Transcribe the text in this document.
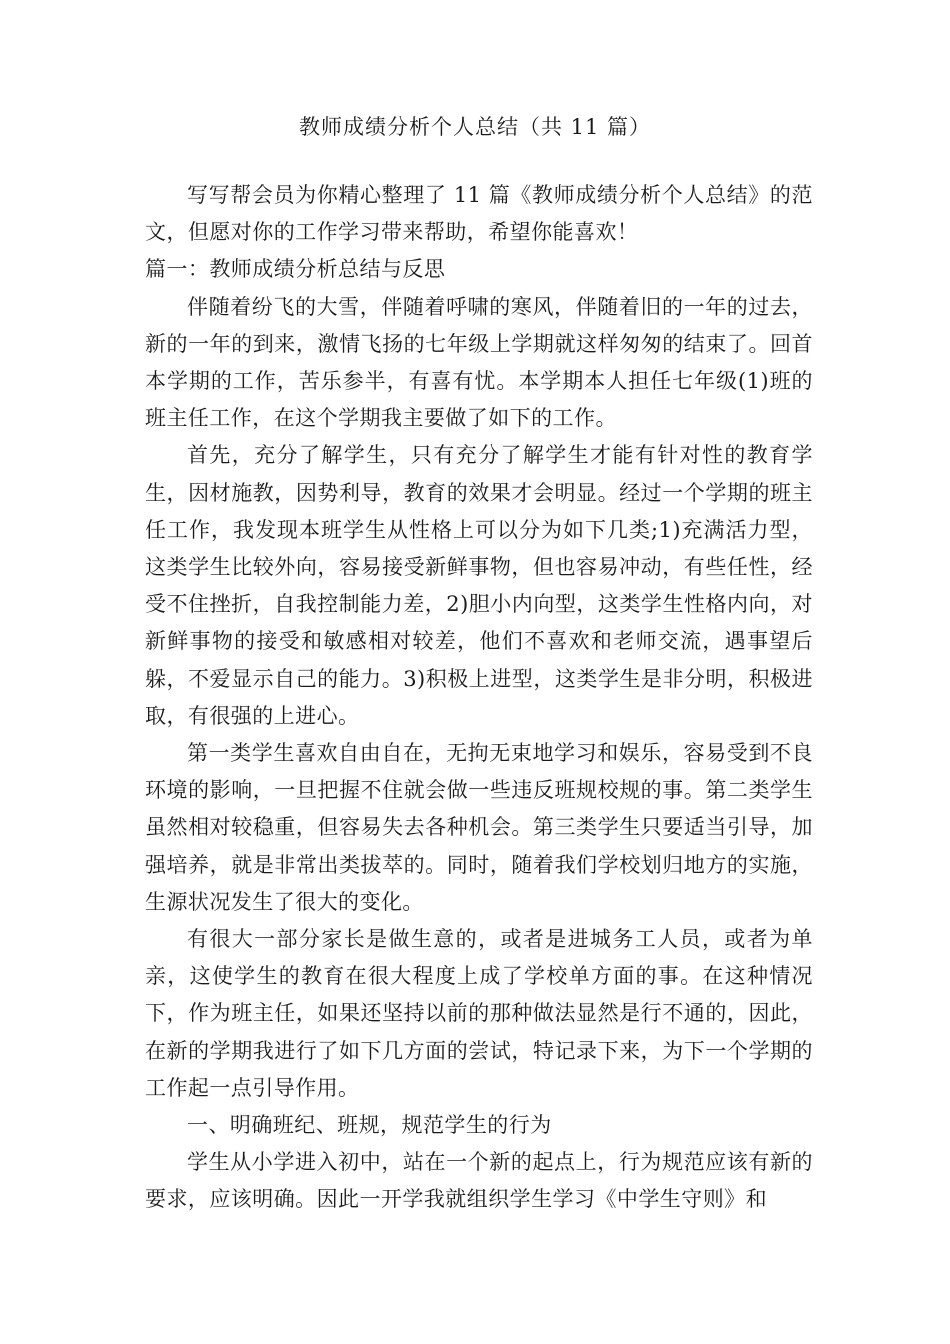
教师成绩分析个人总结（共 11 篇）

写写帮会员为你精心整理了 11 篇《教师成绩分析个人总结》的范文，但愿对你的工作学习带来帮助，希望你能喜欢！

篇一：教师成绩分析总结与反思

伴随着纷飞的大雪，伴随着呼啸的寒风，伴随着旧的一年的过去，新的一年的到来，激情飞扬的七年级上学期就这样匆匆的结束了。回首本学期的工作，苦乐参半，有喜有忧。本学期本人担任七年级(1)班的班主任工作，在这个学期我主要做了如下的工作。

首先，充分了解学生，只有充分了解学生才能有针对性的教育学生，因材施教，因势利导，教育的效果才会明显。经过一个学期的班主任工作，我发现本班学生从性格上可以分为如下几类;1)充满活力型，这类学生比较外向，容易接受新鲜事物，但也容易冲动，有些任性，经受不住挫折，自我控制能力差，2)胆小内向型，这类学生性格内向，对新鲜事物的接受和敏感相对较差，他们不喜欢和老师交流，遇事望后躲，不爱显示自己的能力。3)积极上进型，这类学生是非分明，积极进取，有很强的上进心。

第一类学生喜欢自由自在，无拘无束地学习和娱乐，容易受到不良环境的影响，一旦把握不住就会做一些违反班规校规的事。第二类学生虽然相对较稳重，但容易失去各种机会。第三类学生只要适当引导，加强培养，就是非常出类拔萃的。同时，随着我们学校划归地方的实施，生源状况发生了很大的变化。

有很大一部分家长是做生意的，或者是进城务工人员，或者为单亲，这使学生的教育在很大程度上成了学校单方面的事。在这种情况下，作为班主任，如果还坚持以前的那种做法显然是行不通的，因此，在新的学期我进行了如下几方面的尝试，特记录下来，为下一个学期的工作起一点引导作用。

一、明确班纪、班规，规范学生的行为

学生从小学进入初中，站在一个新的起点上，行为规范应该有新的要求，应该明确。因此一开学我就组织学生学习《中学生守则》和
